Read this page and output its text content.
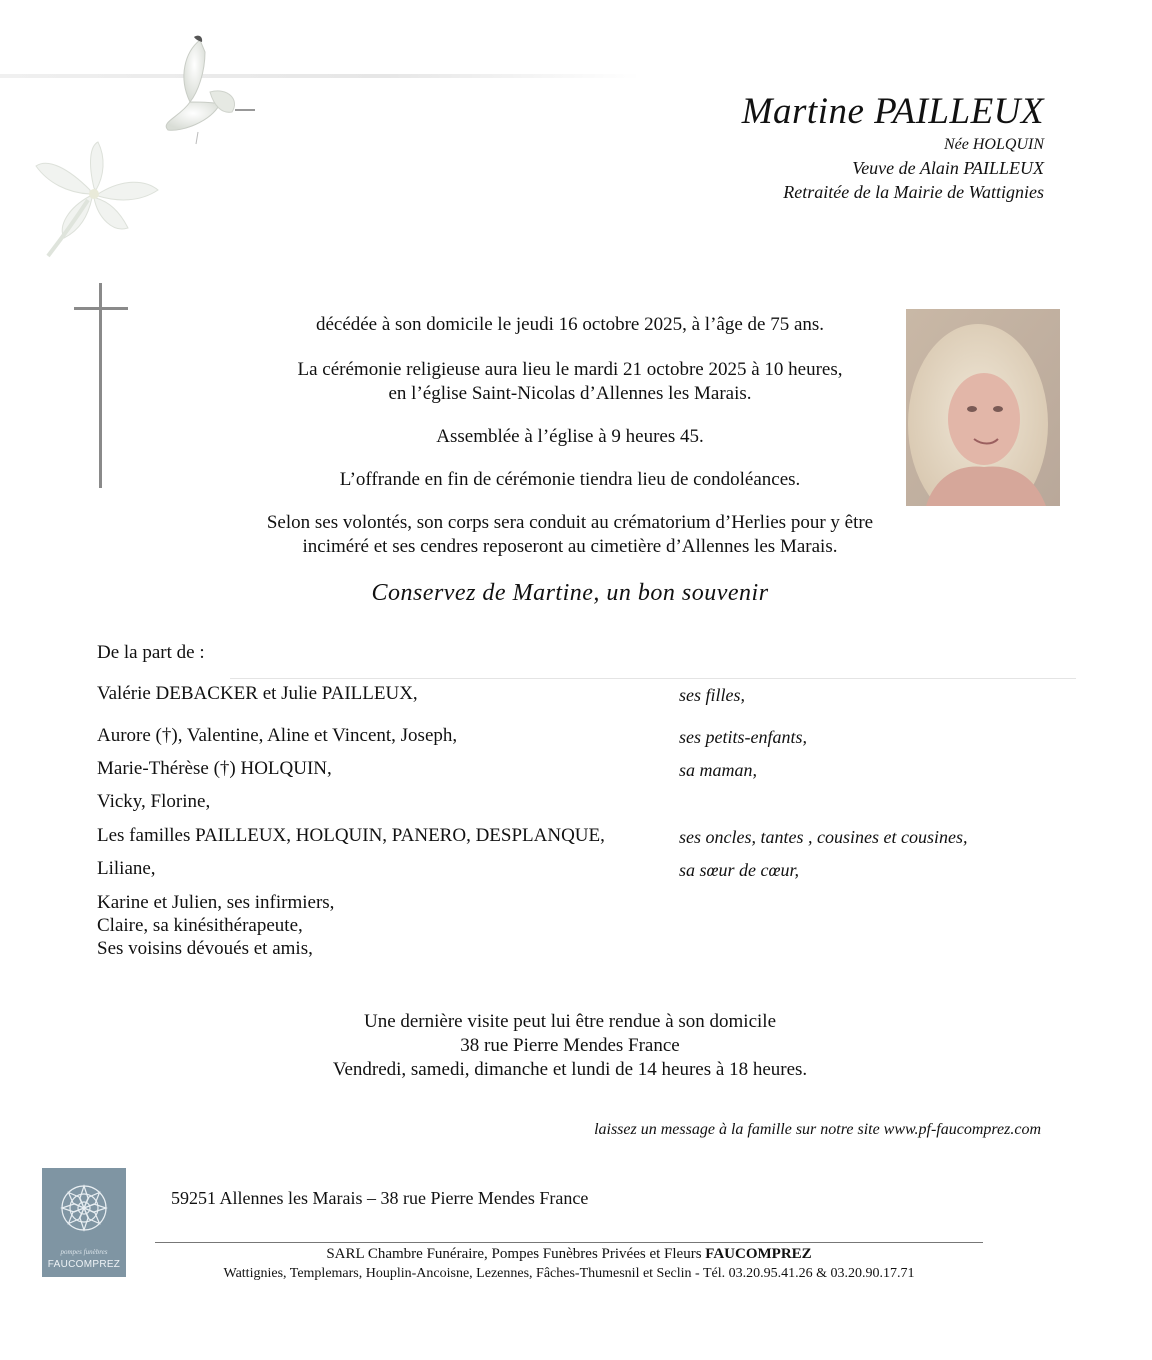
Martine PAILLEUX
Née HOLQUIN
Veuve de Alain PAILLEUX
Retraitée de la Mairie de Wattignies
décédée à son domicile le jeudi 16 octobre 2025, à l’âge de 75 ans.
La cérémonie religieuse aura lieu le mardi 21 octobre 2025 à 10 heures,
en l’église Saint-Nicolas d’Allennes les Marais.
Assemblée à l’église à 9 heures 45.
L’offrande en fin de cérémonie tiendra lieu de condoléances.
Selon ses volontés, son corps sera conduit au crématorium d’Herlies pour y être
inciméré et ses cendres reposeront au cimetière d’Allennes les Marais.
Conservez de Martine, un bon souvenir
De la part de :
Valérie DEBACKER et Julie PAILLEUX,	ses filles,
Aurore (†), Valentine, Aline et Vincent, Joseph,	ses petits-enfants,
Marie-Thérèse (†) HOLQUIN,	sa maman,
Vicky, Florine,
Les familles PAILLEUX, HOLQUIN, PANERO, DESPLANQUE,	ses oncles, tantes , cousines et cousines,
Liliane,	sa sœur de cœur,
Karine et Julien, ses infirmiers,
Claire, sa kinésithérapeute,
Ses voisins dévoués et amis,
Une dernière visite peut lui être rendue à son domicile
38 rue Pierre Mendes France
Vendredi, samedi, dimanche et lundi de 14 heures à 18 heures.
laissez un message à la famille sur notre site www.pf-faucomprez.com
pompes funèbres
FAUCOMPREZ
59251 Allennes les Marais – 38 rue Pierre Mendes France
SARL Chambre Funéraire, Pompes Funèbres Privées et Fleurs FAUCOMPREZ
Wattignies, Templemars, Houplin-Ancoisne, Lezennes, Fâches-Thumesnil et Seclin - Tél. 03.20.95.41.26 & 03.20.90.17.71
